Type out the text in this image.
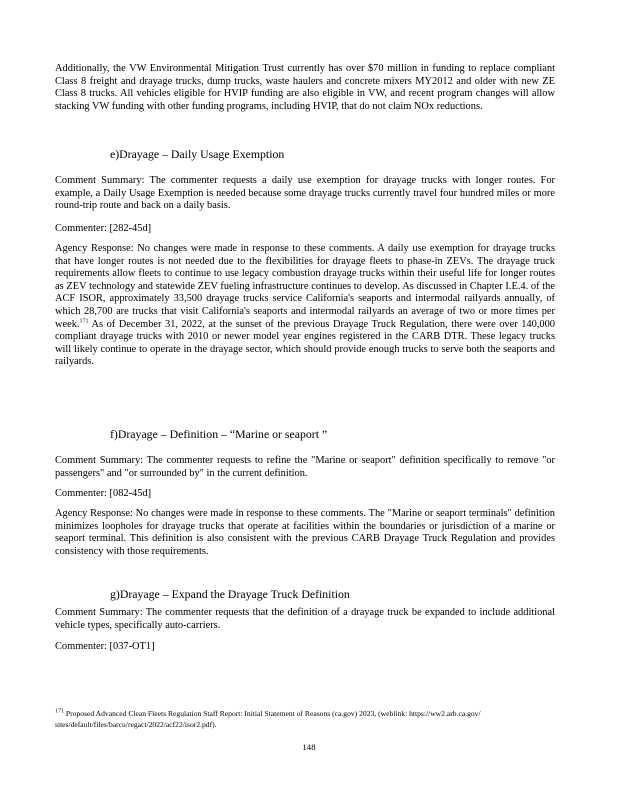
Additionally, the VW Environmental Mitigation Trust currently has over $70 million in funding to replace compliant Class 8 freight and drayage trucks, dump trucks, waste haulers and concrete mixers MY2012 and older with new ZE Class 8 trucks. All vehicles eligible for HVIP funding are also eligible in VW, and recent program changes will allow stacking VW funding with other funding programs, including HVIP, that do not claim NOx reductions.

e)Drayage – Daily Usage Exemption

Comment Summary: The commenter requests a daily use exemption for drayage trucks with longer routes. For example, a Daily Usage Exemption is needed because some drayage trucks currently travel four hundred miles or more round-trip route and back on a daily basis.

Commenter: [282-45d]

Agency Response: No changes were made in response to these comments. A daily use exemption for drayage trucks that have longer routes is not needed due to the flexibilities for drayage fleets to phase-in ZEVs. The drayage truck requirements allow fleets to continue to use legacy combustion drayage trucks within their useful life for longer routes as ZEV technology and statewide ZEV fueling infrastructure continues to develop. As discussed in Chapter I.E.4. of the ACF ISOR, approximately 33,500 drayage trucks service California's seaports and intermodal railyards annually, of which 28,700 are trucks that visit California's seaports and intermodal railyards an average of two or more times per week.$^{171}$ As of December 31, 2022, at the sunset of the previous Drayage Truck Regulation, there were over 140,000 compliant drayage trucks with 2010 or newer model year engines registered in the CARB DTR. These legacy trucks will likely continue to operate in the drayage sector, which should provide enough trucks to serve both the seaports and railyards.

f)Drayage – Definition – “Marine or seaport ”

Comment Summary: The commenter requests to refine the "Marine or seaport" definition specifically to remove "or passengers" and "or surrounded by" in the current definition.

Commenter: [082-45d]

Agency Response: No changes were made in response to these comments. The "Marine or seaport terminals" definition minimizes loopholes for drayage trucks that operate at facilities within the boundaries or jurisdiction of a marine or seaport terminal. This definition is also consistent with the previous CARB Drayage Truck Regulation and provides consistency with those requirements.

g)Drayage – Expand the Drayage Truck Definition

Comment Summary: The commenter requests that the definition of a drayage truck be expanded to include additional vehicle types, specifically auto-carriers.

Commenter: [037-OT1]

$^{171}$ Proposed Advanced Clean Fleets Regulation Staff Report: Initial Statement of Reasons (ca.gov) 2023, (weblink: https://ww2.arb.ca.gov/ sites/default/files/barcu/regact/2022/acf22/isor2.pdf).

148
